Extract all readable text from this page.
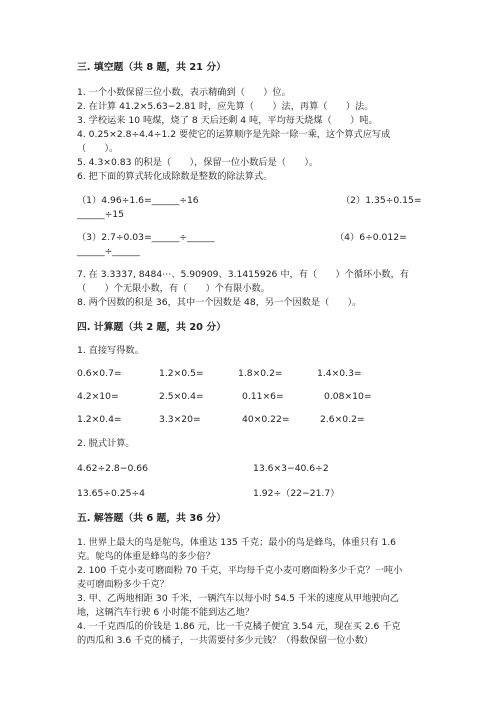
三. 填空题（共 8 题，共 21 分）
1. 一个小数保留三位小数，表示精确到（　　）位。
2. 在计算 41.2×5.63−2.81 时，应先算（　　）法，再算（　　）法。
3. 学校运来 10 吨煤，烧了 8 天后还剩 4 吨，平均每天烧煤（　　）吨。
4. 0.25×2.8÷4.4÷1.2 要使它的运算顺序是先除一除一乘，这个算式应写成
（　　）。
5. 4.3×0.83 的积是（　　），保留一位小数后是（　　）。
6. 把下面的算式转化成除数是整数的除法算式。
（1）4.96÷1.6=______÷16	（2）1.35÷0.15=
______÷15
（3）2.7÷0.03=______÷______	（4）6÷0.012=
______÷______
7. 在 3.3337, 8484⋯、5.90909、3.1415926 中，有（　　）个循环小数，有
（　　）个无限小数，有（　　）个有限小数。
8. 两个因数的积是 36，其中一个因数是 48，另一个因数是（　　）。
四. 计算题（共 2 题，共 20 分）
1. 直接写得数。
0.6×0.7=	1.2×0.5=	1.8×0.2=	1.4×0.3=
4.2×10=	2.5×0.4=	0.11×6=	0.08×10=
1.2×0.4=	3.3×20=	40×0.22=	2.6×0.2=
2. 脱式计算。
4.62÷2.8−0.66	13.6×3−40.6÷2
13.65÷0.25÷4	1.92÷（22−21.7）
五. 解答题（共 6 题，共 36 分）
1. 世界上最大的鸟是鸵鸟，体重达 135 千克；最小的鸟是蜂鸟，体重只有 1.6
克。鸵鸟的体重是蜂鸟的多少倍？
2. 100 千克小麦可磨面粉 70 千克，平均每千克小麦可磨面粉多少千克？一吨小
麦可磨面粉多少千克？
3. 甲、乙两地相距 30 千米，一辆汽车以每小时 54.5 千米的速度从甲地驶向乙
地，这辆汽车行驶 6 小时能不能到达乙地？
4. 一千克西瓜的价钱是 1.86 元，比一千克橘子便宜 3.54 元，现在买 2.6 千克
的西瓜和 3.6 千克的橘子，一共需要付多少元钱？（得数保留一位小数）
